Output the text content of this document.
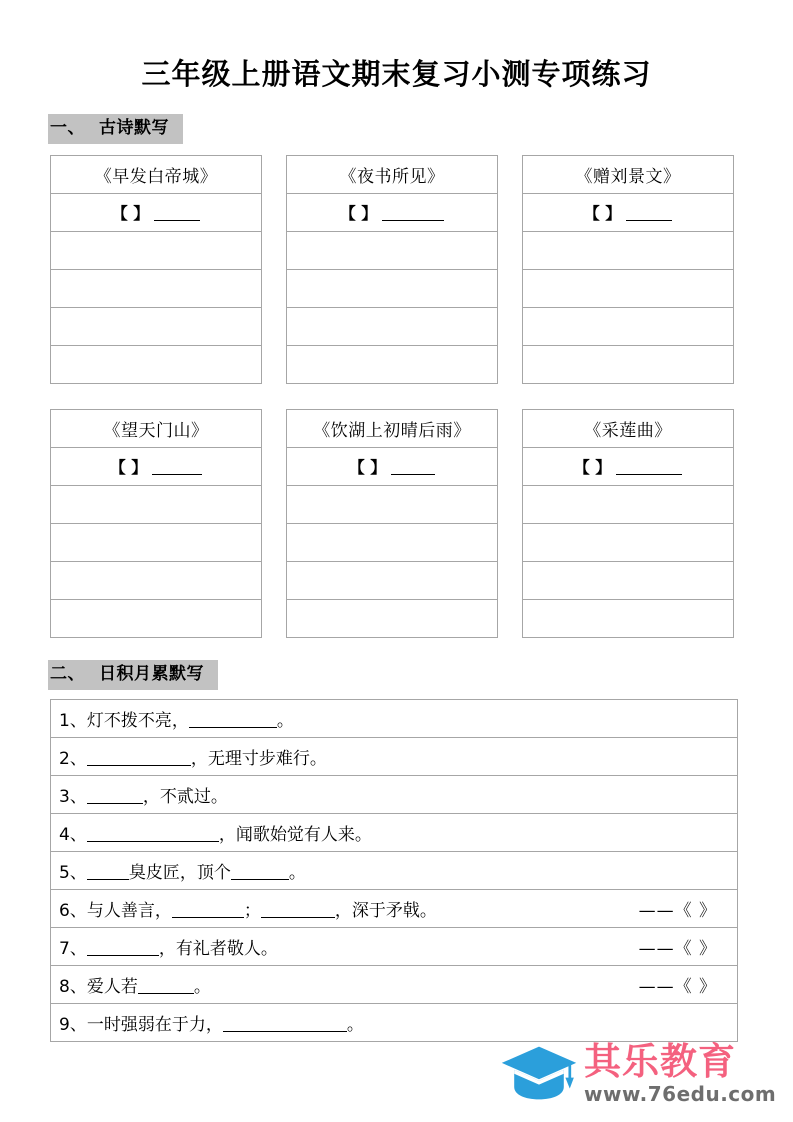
三年级上册语文期末复习小测专项练习
一、 古诗默写
《早发白帝城》
【 】

《夜书所见》
【 】

《赠刘景文》
【 】

《望天门山》
【 】

《饮湖上初晴后雨》
【 】

《采莲曲》
【 】

二、 日积月累默写
1、灯不拨不亮，	。

2、	，无理寸步难行。

3、	，不贰过。

4、	，闻歌始觉有人来。

5、 臭皮匠，顶个	。

6、与人善言，	；	，深于矛戟。	——《 》

7、	，有礼者敬人。	——《 》

8、爱人若	。	——《 》

9、一时强弱在于力，	。
其乐教育
www.76edu.com
